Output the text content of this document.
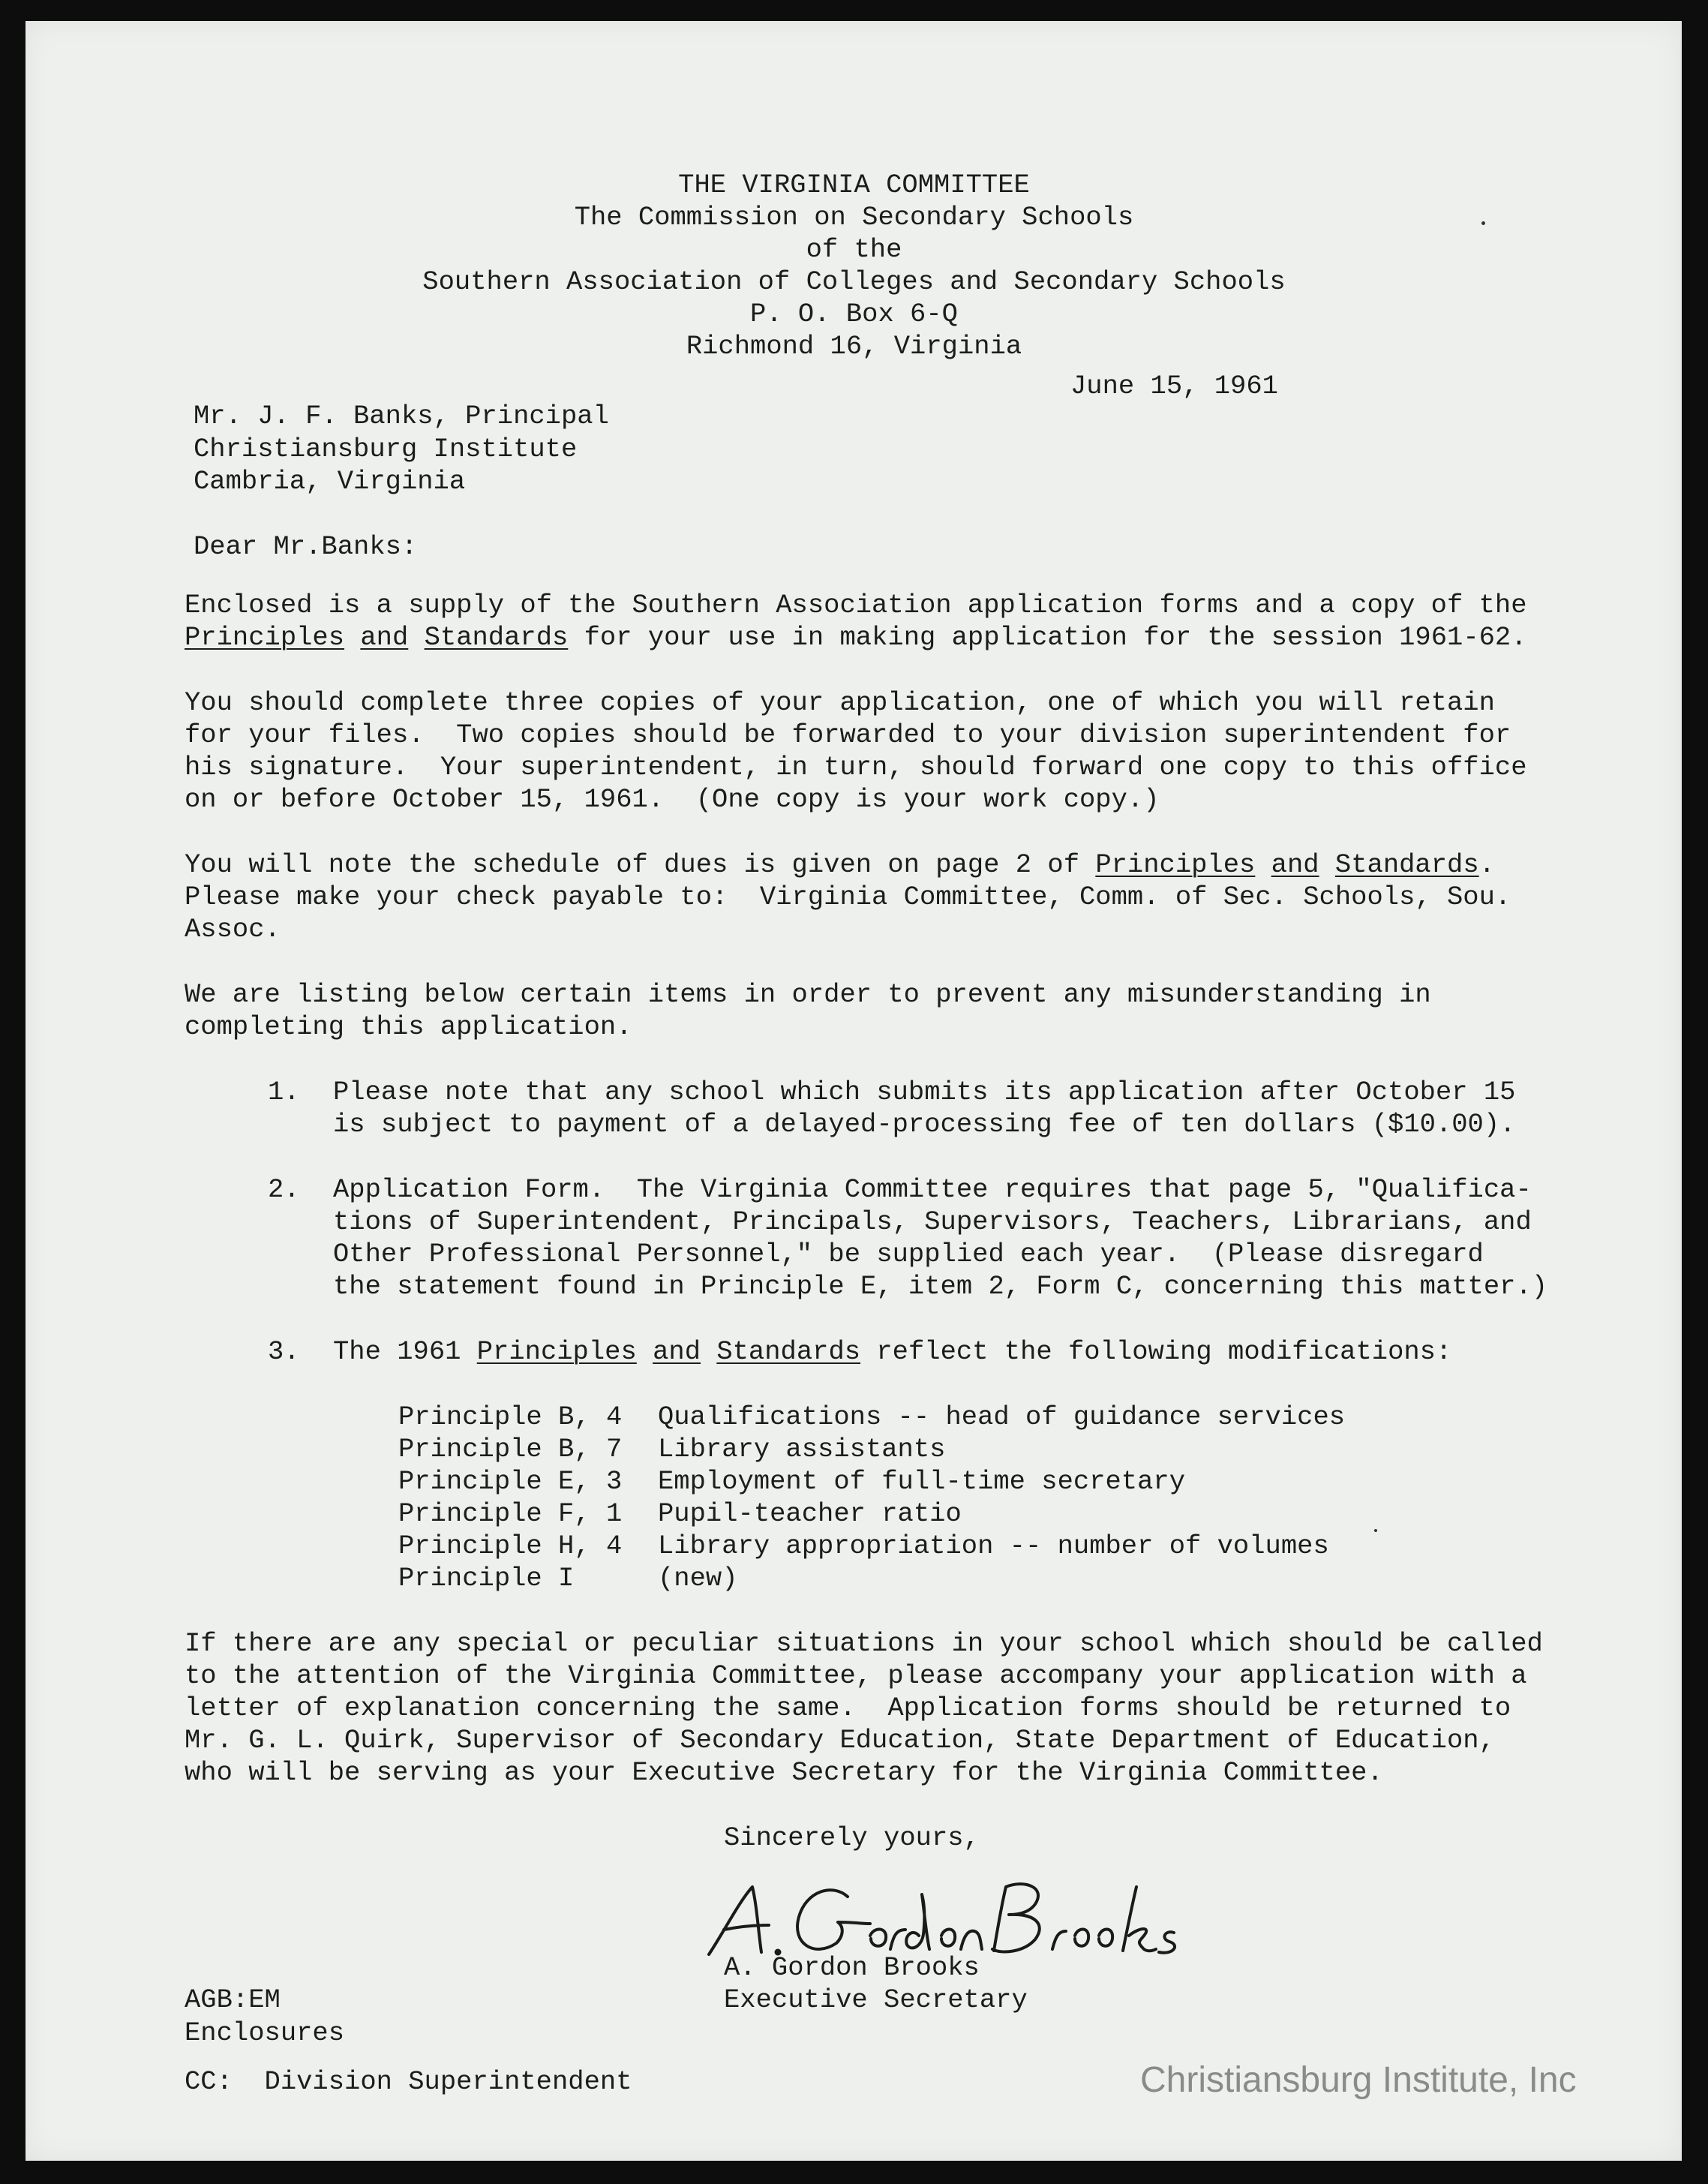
THE VIRGINIA COMMITTEE

The Commission on Secondary Schools

of the

Southern Association of Colleges and Secondary Schools

P. O. Box 6-Q

Richmond 16, Virginia

June 15, 1961

Mr. J. F. Banks, Principal

Christiansburg Institute

Cambria, Virginia

Dear Mr.Banks:

Enclosed is a supply of the Southern Association application forms and a copy of the

Principles and Standards for your use in making application for the session 1961-62.

You should complete three copies of your application, one of which you will retain

for your files.  Two copies should be forwarded to your division superintendent for

his signature.  Your superintendent, in turn, should forward one copy to this office

on or before October 15, 1961.  (One copy is your work copy.)

You will note the schedule of dues is given on page 2 of Principles and Standards.

Please make your check payable to:  Virginia Committee, Comm. of Sec. Schools, Sou.

Assoc.

We are listing below certain items in order to prevent any misunderstanding in

completing this application.

1. Please note that any school which submits its application after October 15

is subject to payment of a delayed-processing fee of ten dollars ($10.00).

2. Application Form.  The Virginia Committee requires that page 5, "Qualifica-

tions of Superintendent, Principals, Supervisors, Teachers, Librarians, and

Other Professional Personnel," be supplied each year.  (Please disregard

the statement found in Principle E, item 2, Form C, concerning this matter.)

3. The 1961 Principles and Standards reflect the following modifications:

Principle B, 4 Qualifications -- head of guidance services

Principle B, 7 Library assistants

Principle E, 3 Employment of full-time secretary

Principle F, 1 Pupil-teacher ratio

Principle H, 4 Library appropriation -- number of volumes

Principle I	(new)

If there are any special or peculiar situations in your school which should be called

to the attention of the Virginia Committee, please accompany your application with a

letter of explanation concerning the same.  Application forms should be returned to

Mr. G. L. Quirk, Supervisor of Secondary Education, State Department of Education,

who will be serving as your Executive Secretary for the Virginia Committee.

Sincerely yours,

A. Gordon Brooks

Executive Secretary

AGB:EM

Enclosures

CC:  Division Superintendent	Christiansburg Institute, Inc
